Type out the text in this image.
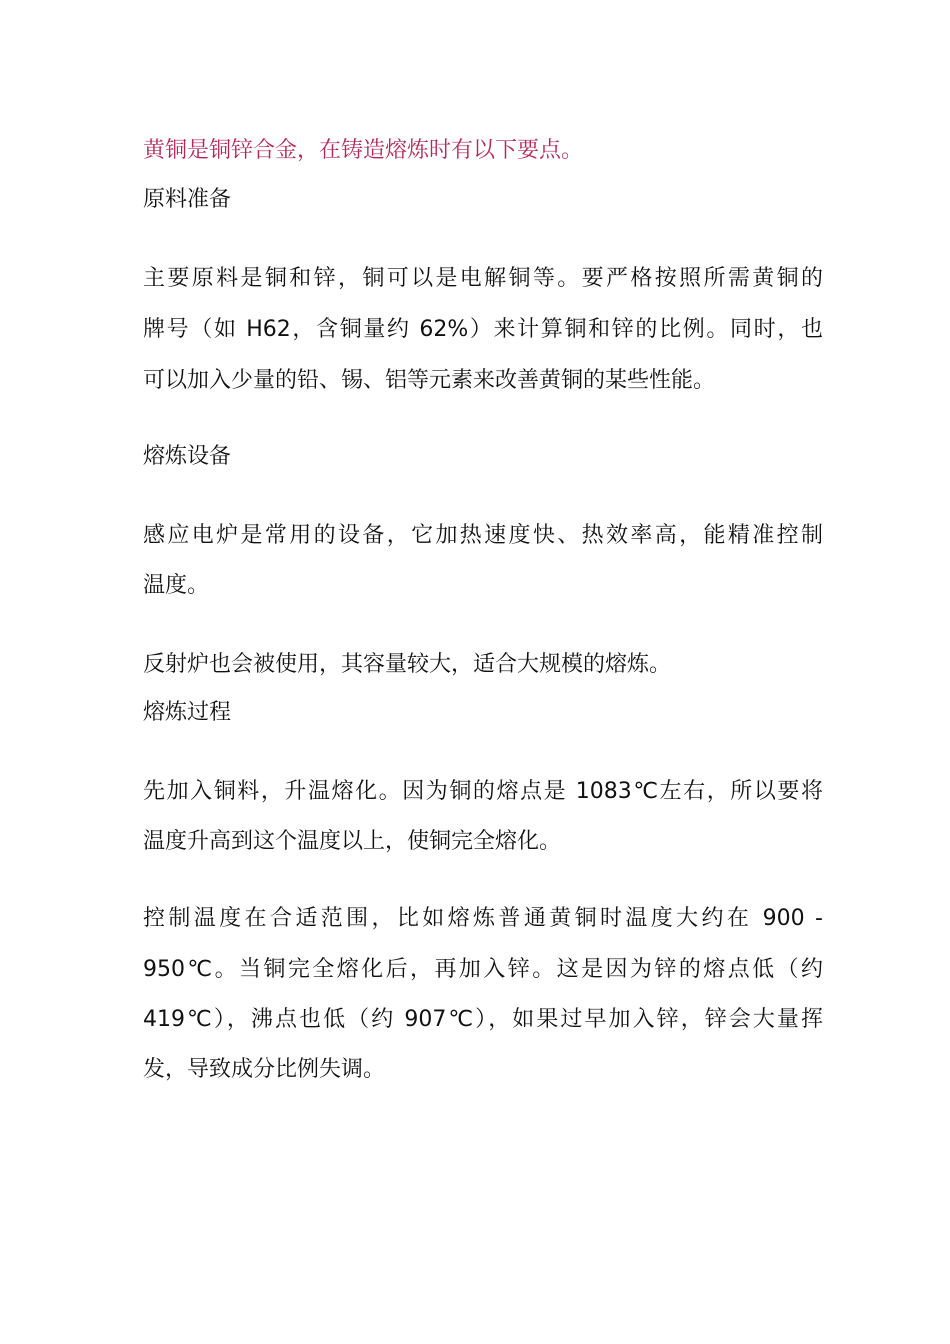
黄铜是铜锌合金，在铸造熔炼时有以下要点。
原料准备
主要原料是铜和锌，铜可以是电解铜等。要严格按照所需黄铜的
牌号（如 H62，含铜量约 62%）来计算铜和锌的比例。同时，也
可以加入少量的铅、锡、铝等元素来改善黄铜的某些性能。
熔炼设备
感应电炉是常用的设备，它加热速度快、热效率高，能精准控制
温度。
反射炉也会被使用，其容量较大，适合大规模的熔炼。
熔炼过程
先加入铜料，升温熔化。因为铜的熔点是 1083℃左右，所以要将
温度升高到这个温度以上，使铜完全熔化。
控制温度在合适范围，比如熔炼普通黄铜时温度大约在 900 -
950℃。当铜完全熔化后，再加入锌。这是因为锌的熔点低（约
419℃），沸点也低（约 907℃），如果过早加入锌，锌会大量挥
发，导致成分比例失调。
